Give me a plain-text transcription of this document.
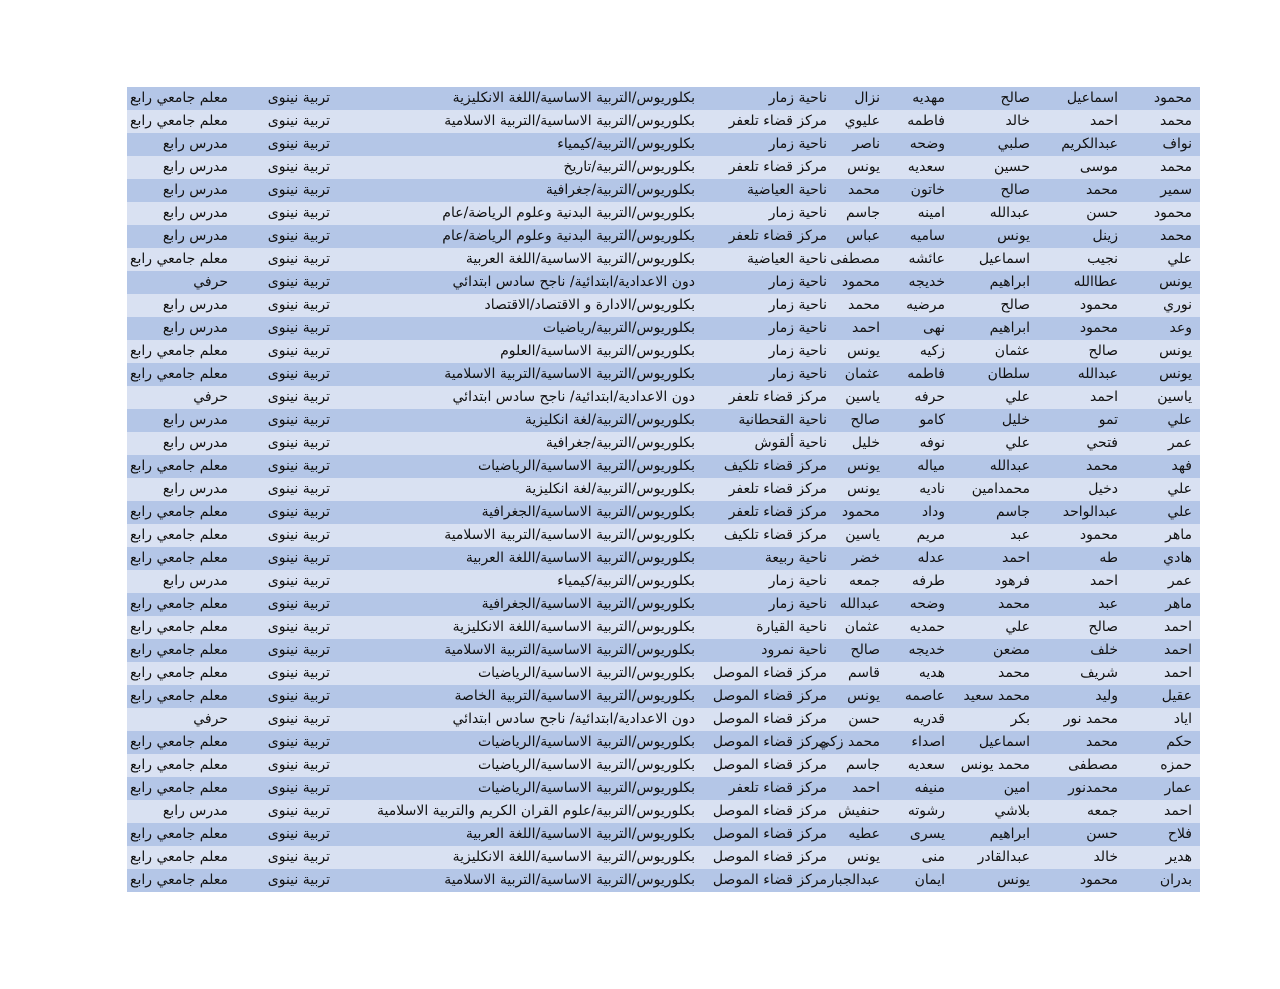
محمود
اسماعيل
صالح
مهديه
نزال
ناحية زمار
بكلوريوس/التربية الاساسية/اللغة الانكليزية
تربية نينوى
معلم جامعي رابع
محمد
احمد
خالد
فاطمه
عليوي
مركز قضاء تلعفر
بكلوريوس/التربية الاساسية/التربية الاسلامية
تربية نينوى
معلم جامعي رابع
نواف
عبدالكريم
صلبي
وضحه
ناصر
ناحية زمار
بكلوريوس/التربية/كيمياء
تربية نينوى
مدرس رابع
محمد
موسى
حسين
سعديه
يونس
مركز قضاء تلعفر
بكلوريوس/التربية/تاريخ
تربية نينوى
مدرس رابع
سمير
محمد
صالح
خاتون
محمد
ناحية العياضية
بكلوريوس/التربية/جغرافية
تربية نينوى
مدرس رابع
محمود
حسن
عبدالله
امينه
جاسم
ناحية زمار
بكلوريوس/التربية البدنية وعلوم الرياضة/عام
تربية نينوى
مدرس رابع
محمد
زينل
يونس
ساميه
عباس
مركز قضاء تلعفر
بكلوريوس/التربية البدنية وعلوم الرياضة/عام
تربية نينوى
مدرس رابع
علي
نجيب
اسماعيل
عائشه
مصطفى
ناحية العياضية
بكلوريوس/التربية الاساسية/اللغة العربية
تربية نينوى
معلم جامعي رابع
يونس
عطاالله
ابراهيم
خديجه
محمود
ناحية زمار
دون الاعدادية/ابتدائية/ ناجح سادس ابتدائي
تربية نينوى
حرفي
نوري
محمود
صالح
مرضيه
محمد
ناحية زمار
بكلوريوس/الادارة و الاقتصاد/الاقتصاد
تربية نينوى
مدرس رابع
وعد
محمود
ابراهيم
نهى
احمد
ناحية زمار
بكلوريوس/التربية/رياضيات
تربية نينوى
مدرس رابع
يونس
صالح
عثمان
زكيه
يونس
ناحية زمار
بكلوريوس/التربية الاساسية/العلوم
تربية نينوى
معلم جامعي رابع
يونس
عبدالله
سلطان
فاطمه
عثمان
ناحية زمار
بكلوريوس/التربية الاساسية/التربية الاسلامية
تربية نينوى
معلم جامعي رابع
ياسين
احمد
علي
حرفه
ياسين
مركز قضاء تلعفر
دون الاعدادية/ابتدائية/ ناجح سادس ابتدائي
تربية نينوى
حرفي
علي
تمو
خليل
كامو
صالح
ناحية القحطانية
بكلوريوس/التربية/لغة انكليزية
تربية نينوى
مدرس رابع
عمر
فتحي
علي
نوفه
خليل
ناحية ألقوش
بكلوريوس/التربية/جغرافية
تربية نينوى
مدرس رابع
فهد
محمد
عبدالله
مياله
يونس
مركز قضاء تلكيف
بكلوريوس/التربية الاساسية/الرياضيات
تربية نينوى
معلم جامعي رابع
علي
دخيل
محمدامين
ناديه
يونس
مركز قضاء تلعفر
بكلوريوس/التربية/لغة انكليزية
تربية نينوى
مدرس رابع
علي
عبدالواحد
جاسم
وداد
محمود
مركز قضاء تلعفر
بكلوريوس/التربية الاساسية/الجغرافية
تربية نينوى
معلم جامعي رابع
ماهر
محمود
عبد
مريم
ياسين
مركز قضاء تلكيف
بكلوريوس/التربية الاساسية/التربية الاسلامية
تربية نينوى
معلم جامعي رابع
هادي
طه
احمد
عدله
خضر
ناحية ربيعة
بكلوريوس/التربية الاساسية/اللغة العربية
تربية نينوى
معلم جامعي رابع
عمر
احمد
فرهود
طرفه
جمعه
ناحية زمار
بكلوريوس/التربية/كيمياء
تربية نينوى
مدرس رابع
ماهر
عبد
محمد
وضحه
عبدالله
ناحية زمار
بكلوريوس/التربية الاساسية/الجغرافية
تربية نينوى
معلم جامعي رابع
احمد
صالح
علي
حمديه
عثمان
ناحية القيارة
بكلوريوس/التربية الاساسية/اللغة الانكليزية
تربية نينوى
معلم جامعي رابع
احمد
خلف
مضعن
خديجه
صالح
ناحية نمرود
بكلوريوس/التربية الاساسية/التربية الاسلامية
تربية نينوى
معلم جامعي رابع
احمد
شريف
محمد
هديه
قاسم
مركز قضاء الموصل
بكلوريوس/التربية الاساسية/الرياضيات
تربية نينوى
معلم جامعي رابع
عقيل
وليد
محمد سعيد
عاصمه
يونس
مركز قضاء الموصل
بكلوريوس/التربية الاساسية/التربية الخاصة
تربية نينوى
معلم جامعي رابع
اياد
محمد نور
بكر
قدريه
حسن
مركز قضاء الموصل
دون الاعدادية/ابتدائية/ ناجح سادس ابتدائي
تربية نينوى
حرفي
حكم
محمد
اسماعيل
اصداء
محمد زكي
مركز قضاء الموصل
بكلوريوس/التربية الاساسية/الرياضيات
تربية نينوى
معلم جامعي رابع
حمزه
مصطفى
محمد يونس
سعديه
جاسم
مركز قضاء الموصل
بكلوريوس/التربية الاساسية/الرياضيات
تربية نينوى
معلم جامعي رابع
عمار
محمدنور
امين
منيفه
احمد
مركز قضاء تلعفر
بكلوريوس/التربية الاساسية/الرياضيات
تربية نينوى
معلم جامعي رابع
احمد
جمعه
بلاشي
رشوته
حنفيش
مركز قضاء الموصل
بكلوريوس/التربية/علوم القران الكريم والتربية الاسلامية
تربية نينوى
مدرس رابع
فلاح
حسن
ابراهيم
يسرى
عطيه
مركز قضاء الموصل
بكلوريوس/التربية الاساسية/اللغة العربية
تربية نينوى
معلم جامعي رابع
هدير
خالد
عبدالقادر
منى
يونس
مركز قضاء الموصل
بكلوريوس/التربية الاساسية/اللغة الانكليزية
تربية نينوى
معلم جامعي رابع
بدران
محمود
يونس
ايمان
عبدالجبار
مركز قضاء الموصل
بكلوريوس/التربية الاساسية/التربية الاسلامية
تربية نينوى
معلم جامعي رابع
